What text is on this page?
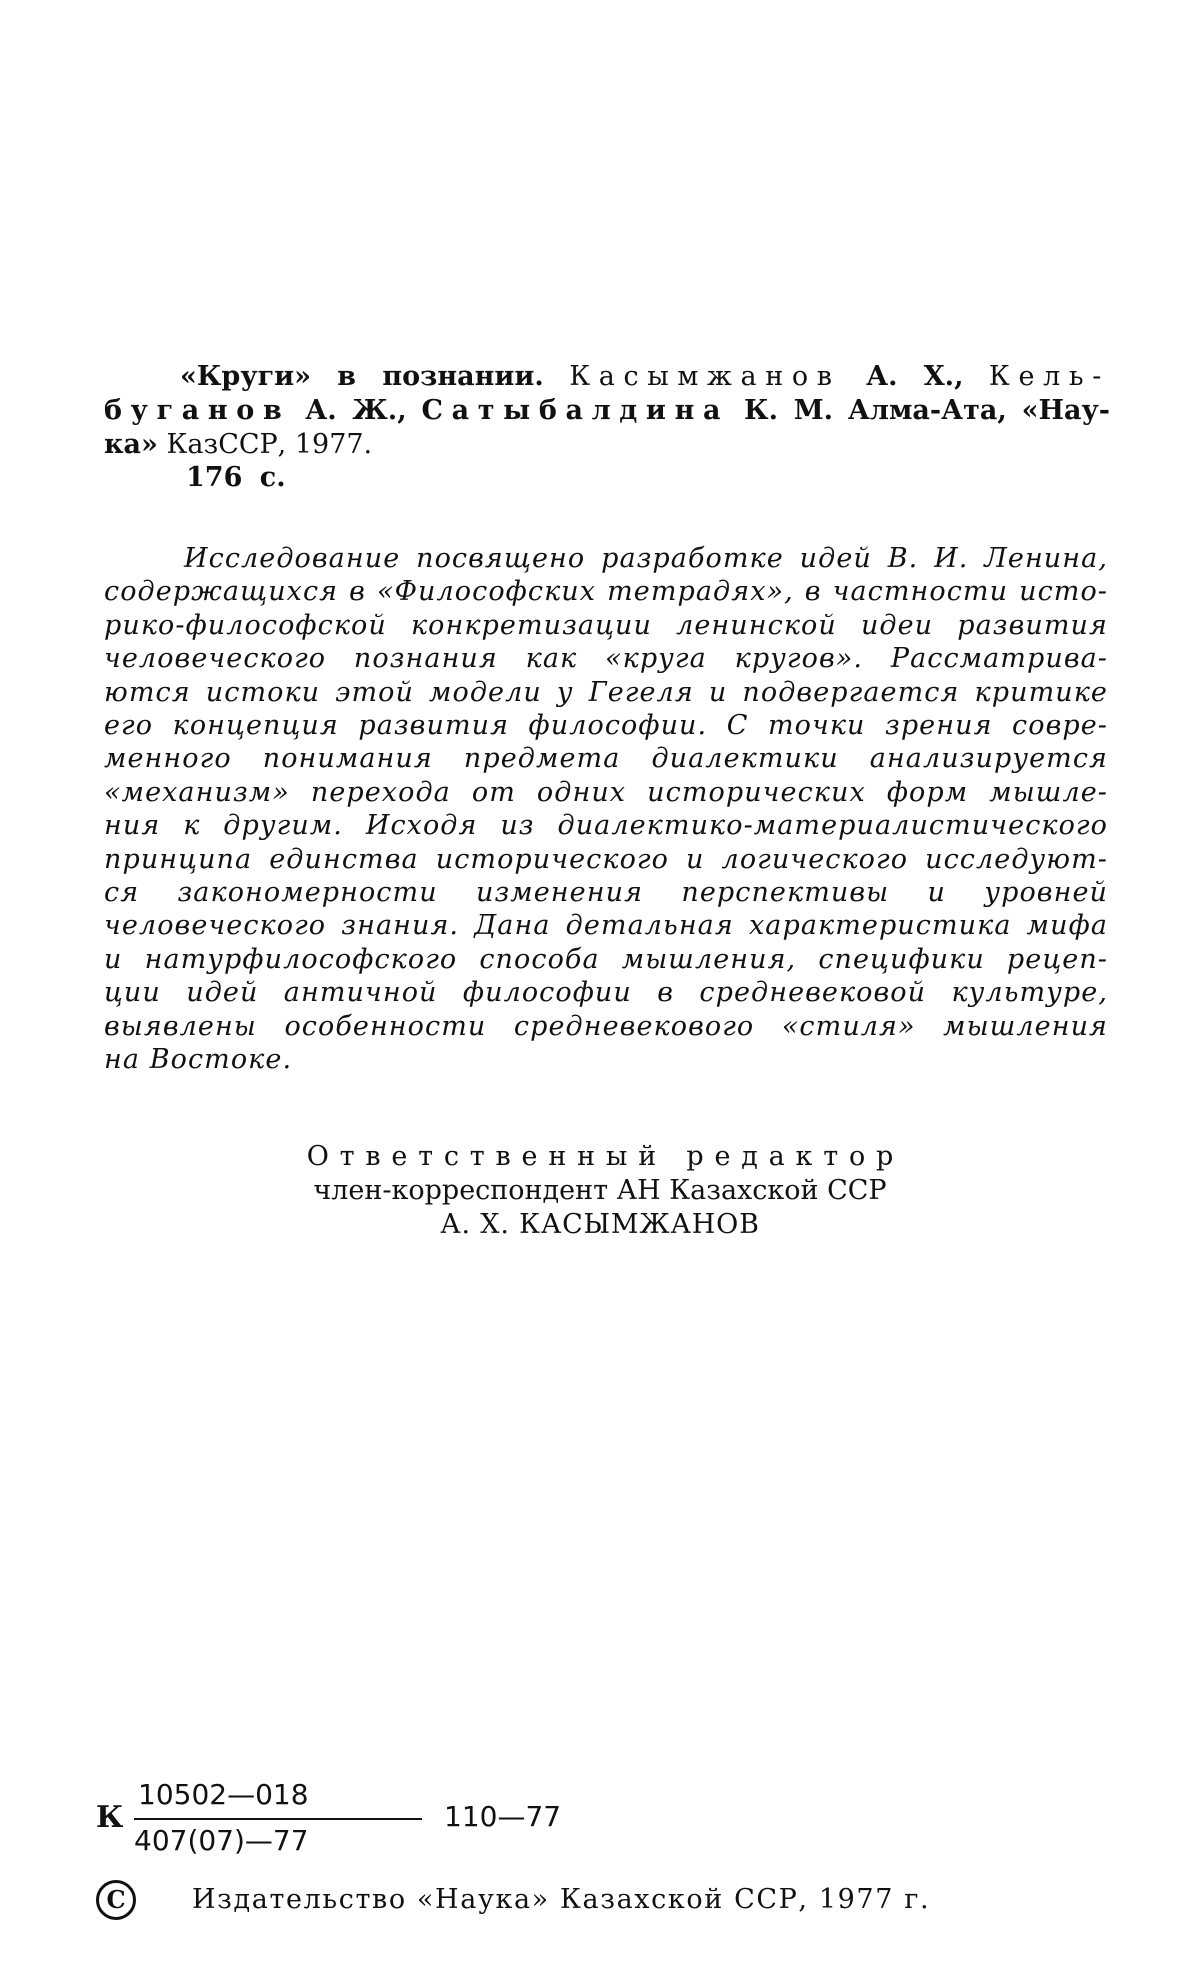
«Круги» в познании. Касымжанов А. Х., Кель-
буганов А. Ж., Сатыбалдина К. М. Алма-Ата, «Нау-
ка» КазССР, 1977.
176 с.
Исследование посвящено разработке идей В. И. Ленина,
содержащихся в «Философских тетрадях», в частности исто-
рико-философской конкретизации ленинской идеи развития
человеческого познания как «круга кругов». Рассматрива-
ются истоки этой модели у Гегеля и подвергается критике
его концепция развития философии. С точки зрения совре-
менного понимания предмета диалектики анализируется
«механизм» перехода от одних исторических форм мышле-
ния к другим. Исходя из диалектико-материалистического
принципа единства исторического и логического исследуют-
ся закономерности изменения перспективы и уровней
человеческого знания. Дана детальная характеристика мифа
и натурфилософского способа мышления, специфики рецеп-
ции идей античной философии в средневековой культуре,
выявлены особенности средневекового «стиля» мышления
на Востоке.
Ответственный редактор
член-корреспондент АН Казахской ССР
А. Х. КАСЫМЖАНОВ
К
10502—018
407(07)—77
110—77
C	Издательство «Наука» Казахской ССР, 1977 г.
